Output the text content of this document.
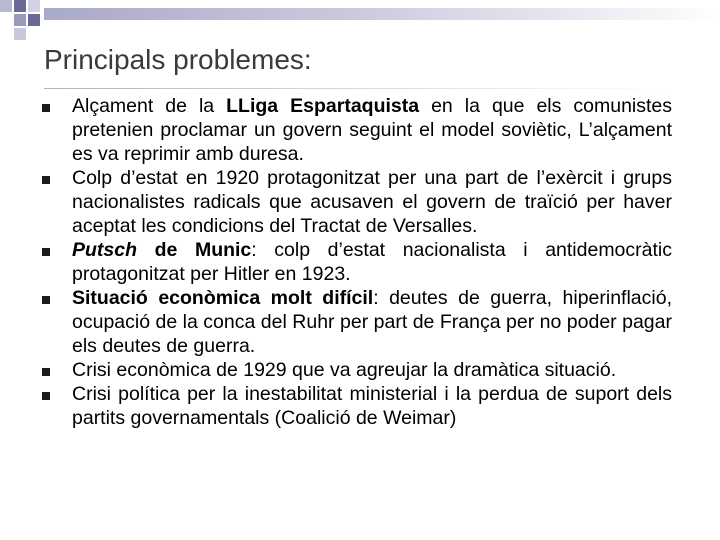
Principals problemes:
Alçament de la LLiga Espartaquista en la que els comunistes pretenien proclamar un govern seguint el model soviètic, L’alçament es va reprimir amb duresa.
Colp d’estat en 1920 protagonitzat per una part de l’exèrcit i grups nacionalistes radicals que acusaven el govern de traïció per haver aceptat les condicions del Tractat de Versalles.
Putsch de Munic: colp d’estat nacionalista i antidemocràtic protagonitzat per Hitler en 1923.
Situació econòmica molt difícil: deutes de guerra, hiperinflació, ocupació de la conca del Ruhr per part de França per no poder pagar els deutes de guerra.
Crisi econòmica de 1929 que va agreujar la dramàtica situació.
Crisi política per la inestabilitat ministerial i la perdua de suport dels partits governamentals (Coalició de Weimar)
